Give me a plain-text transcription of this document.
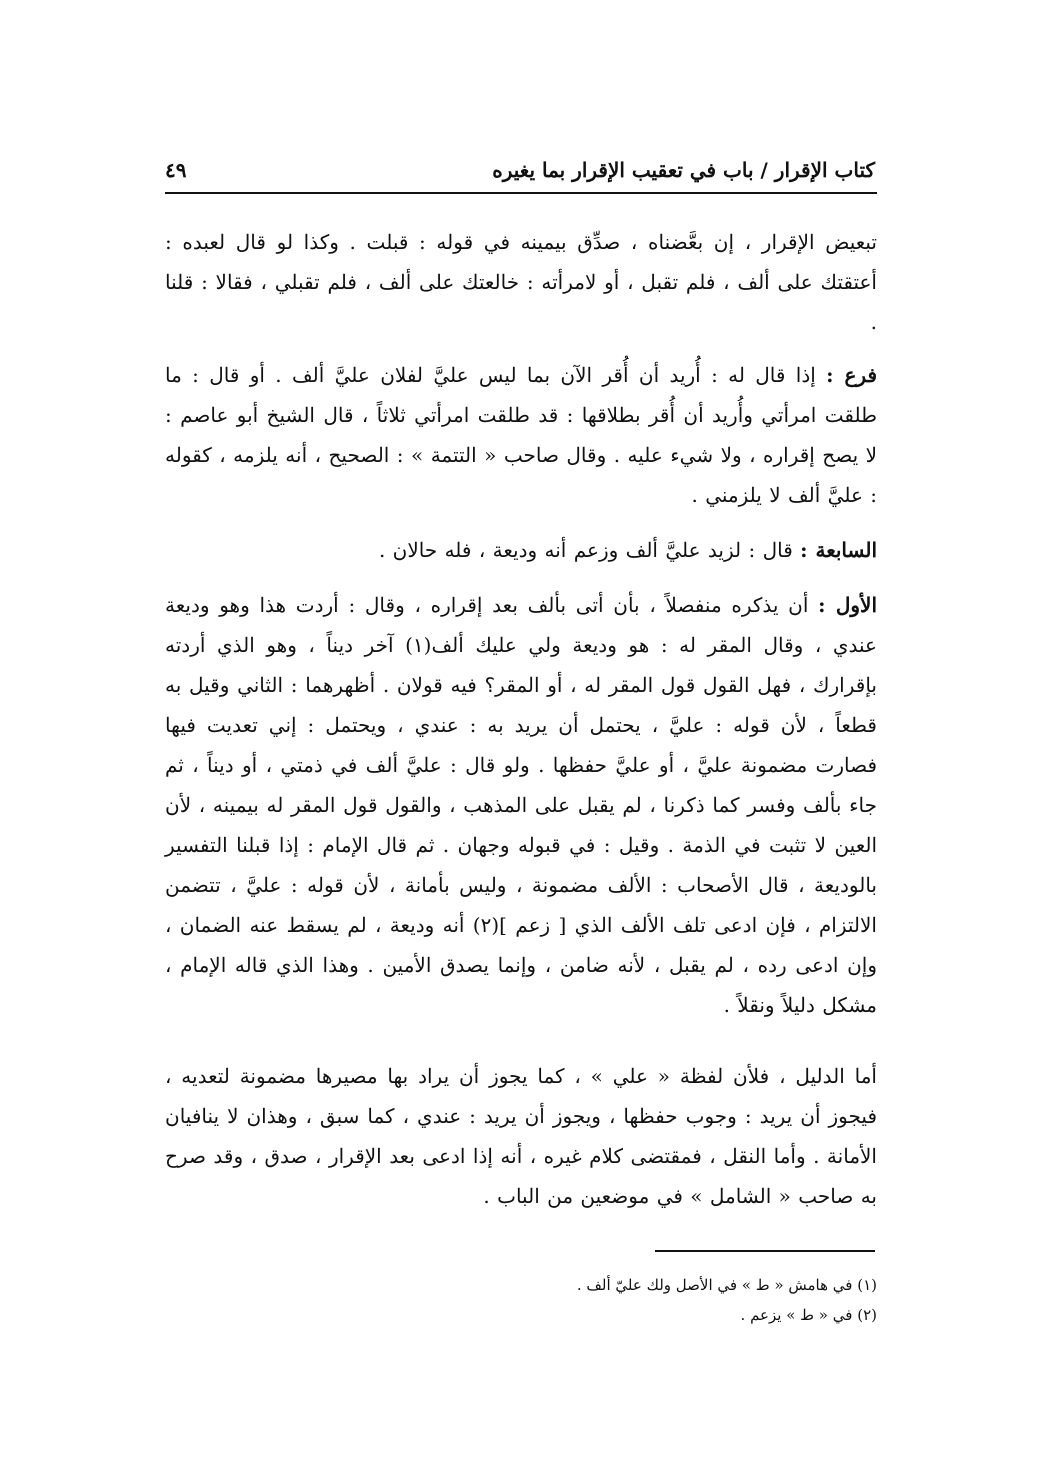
٤٩	كتاب الإقرار / باب في تعقيب الإقرار بما يغيره

تبعيض الإقرار ، إن بعَّضناه ، صدِّق بيمينه في قوله : قبلت . وكذا لو قال لعبده : أعتقتك على ألف ، فلم تقبل ، أو لامرأته : خالعتك على ألف ، فلم تقبلي ، فقالا : قلنا .

فرع : إذا قال له : أُريد أن أُقر الآن بما ليس عليَّ لفلان عليَّ ألف . أو قال : ما طلقت امرأتي وأُريد أن أُقر بطلاقها : قد طلقت امرأتي ثلاثاً ، قال الشيخ أبو عاصم : لا يصح إقراره ، ولا شيء عليه . وقال صاحب « التتمة » : الصحيح ، أنه يلزمه ، كقوله : عليَّ ألف لا يلزمني .

السابعة : قال : لزيد عليَّ ألف وزعم أنه وديعة ، فله حالان .

الأول : أن يذكره منفصلاً ، بأن أتى بألف بعد إقراره ، وقال : أردت هذا وهو وديعة عندي ، وقال المقر له : هو وديعة ولي عليك ألف(١) آخر ديناً ، وهو الذي أردته بإقرارك ، فهل القول قول المقر له ، أو المقر؟ فيه قولان . أظهرهما : الثاني وقيل به قطعاً ، لأن قوله : عليَّ ، يحتمل أن يريد به : عندي ، ويحتمل : إني تعديت فيها فصارت مضمونة عليَّ ، أو عليَّ حفظها . ولو قال : عليَّ ألف في ذمتي ، أو ديناً ، ثم جاء بألف وفسر كما ذكرنا ، لم يقبل على المذهب ، والقول قول المقر له بيمينه ، لأن العين لا تثبت في الذمة . وقيل : في قبوله وجهان . ثم قال الإمام : إذا قبلنا التفسير بالوديعة ، قال الأصحاب : الألف مضمونة ، وليس بأمانة ، لأن قوله : عليَّ ، تتضمن الالتزام ، فإن ادعى تلف الألف الذي [ زعم ](٢) أنه وديعة ، لم يسقط عنه الضمان ، وإن ادعى رده ، لم يقبل ، لأنه ضامن ، وإنما يصدق الأمين . وهذا الذي قاله الإمام ، مشكل دليلاً ونقلاً .

أما الدليل ، فلأن لفظة « علي » ، كما يجوز أن يراد بها مصيرها مضمونة لتعديه ، فيجوز أن يريد : وجوب حفظها ، ويجوز أن يريد : عندي ، كما سبق ، وهذان لا ينافيان الأمانة . وأما النقل ، فمقتضى كلام غيره ، أنه إذا ادعى بعد الإقرار ، صدق ، وقد صرح به صاحب « الشامل » في موضعين من الباب .

(١) في هامش « ط » في الأصل ولك عليّ ألف .

(٢) في « ط » يزعم .
